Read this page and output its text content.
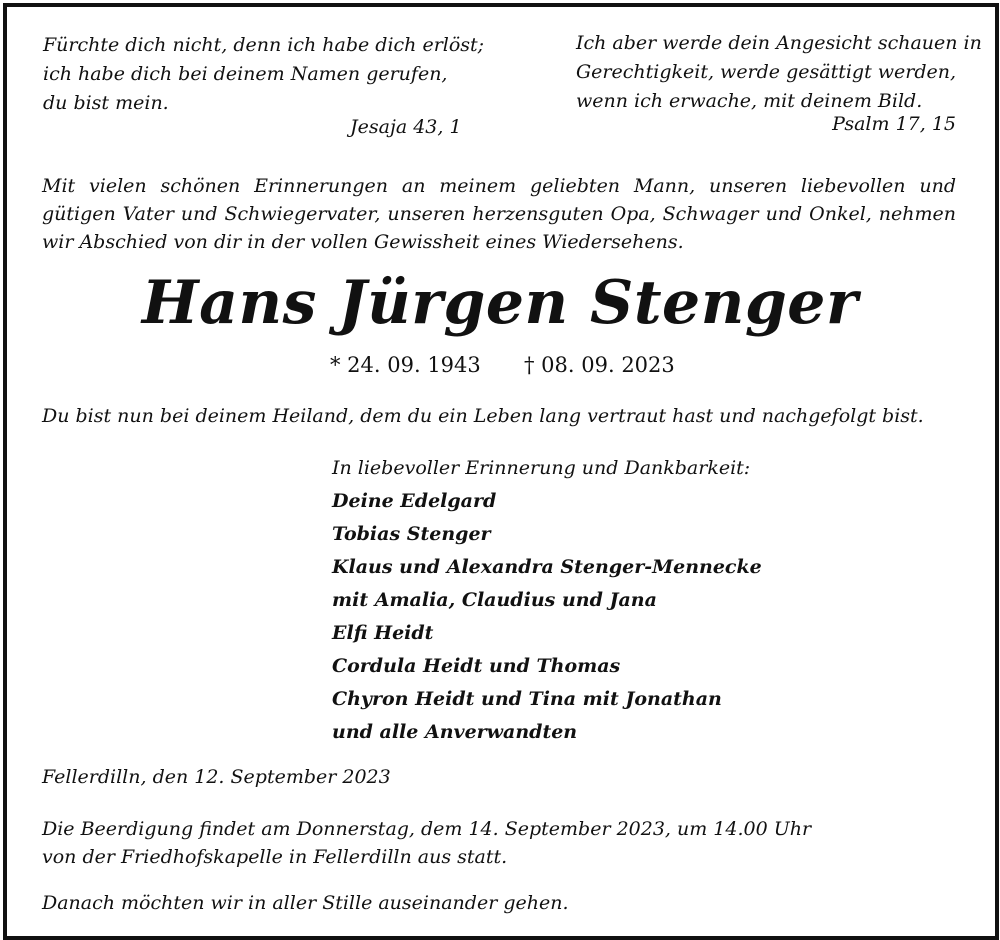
Fürchte dich nicht, denn ich habe dich erlöst;
ich habe dich bei deinem Namen gerufen,
du bist mein.
Jesaja 43, 1
Ich aber werde dein Angesicht schauen in
Gerechtigkeit, werde gesättigt werden,
wenn ich erwache, mit deinem Bild.
Psalm 17, 15
Mit vielen schönen Erinnerungen an meinem geliebten Mann, unseren liebevollen und gütigen Vater und Schwiegervater, unseren herzensguten Opa, Schwager und Onkel, nehmen wir Abschied von dir in der vollen Gewissheit eines Wiedersehens.
Hans Jürgen Stenger
* 24. 09. 1943 † 08. 09. 2023
Du bist nun bei deinem Heiland, dem du ein Leben lang vertraut hast und nachgefolgt bist.
In liebevoller Erinnerung und Dankbarkeit:
Deine Edelgard
Tobias Stenger
Klaus und Alexandra Stenger-Mennecke
mit Amalia, Claudius und Jana
Elfi Heidt
Cordula Heidt und Thomas
Chyron Heidt und Tina mit Jonathan
und alle Anverwandten
Fellerdilln, den 12. September 2023
Die Beerdigung findet am Donnerstag, dem 14. September 2023, um 14.00 Uhr
von der Friedhofskapelle in Fellerdilln aus statt.
Danach möchten wir in aller Stille auseinander gehen.
